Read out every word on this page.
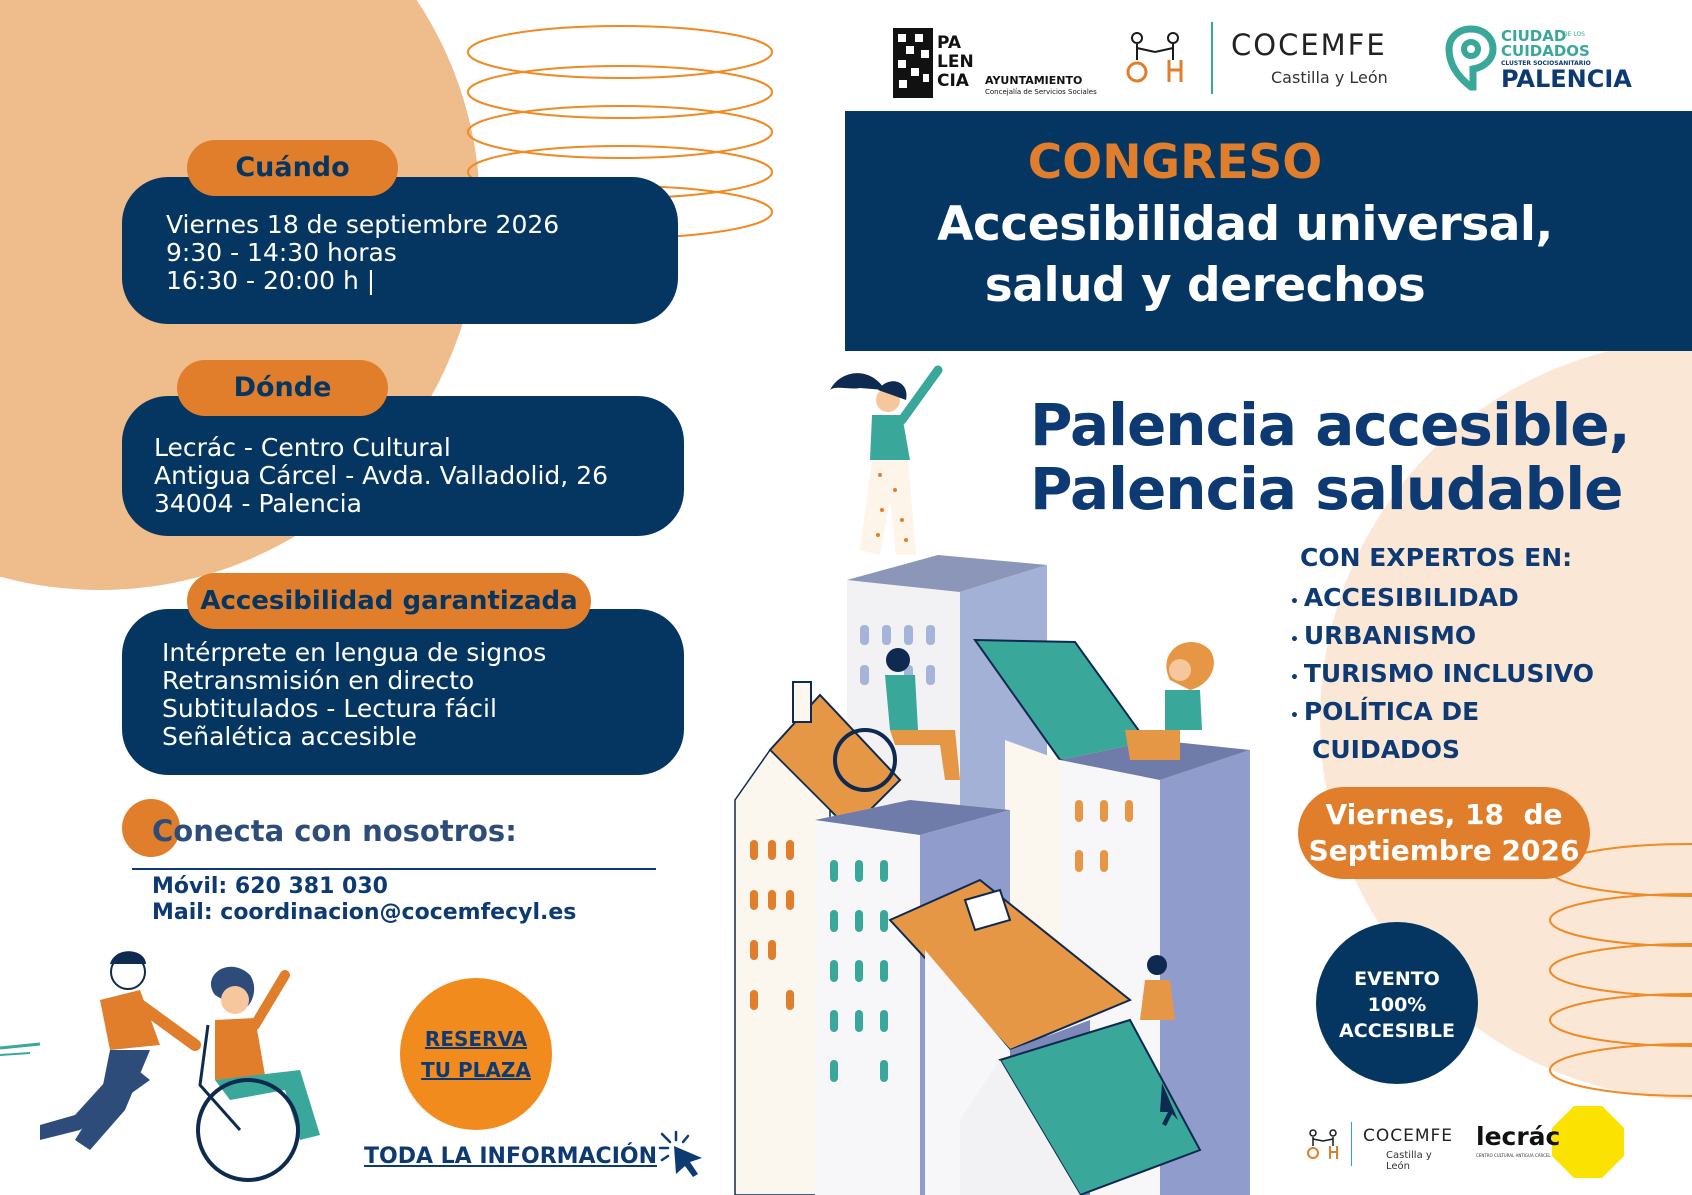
PA
LEN
CIA	AYUNTAMIENTO
Concejalía de Servicios Sociales
COCEMFE
Castilla y León
CIUDAD
DE LOS
CUIDADOS
CLUSTER SOCIOSANITARIO
PALENCIA
CONGRESO
Accesibilidad universal,
salud y derechos
Palencia accesible,
Palencia saludable
CON EXPERTOS EN:
• ACCESIBILIDAD
• URBANISMO
• TURISMO INCLUSIVO
• POLÍTICA DE
CUIDADOS
Viernes, 18  de
Septiembre 2026
EVENTO
100%
ACCESIBLE
COCEMFE
Castilla y León
lecrác
CENTRO CULTURAL ANTIGUA CÁRCEL
Viernes 18 de septiembre 2026
9:30 - 14:30 horas
16:30 - 20:00 h |
Cuándo
Lecrác - Centro Cultural
Antigua Cárcel - Avda. Valladolid, 26
34004 - Palencia
Dónde
Intérprete en lengua de signos
Retransmisión en directo
Subtitulados - Lectura fácil
Señalética accesible
Accesibilidad garantizada
Conecta con nosotros:
Móvil: 620 381 030
Mail: coordinacion@cocemfecyl.es
RESERVA
TU PLAZA
TODA LA INFORMACIÓN
